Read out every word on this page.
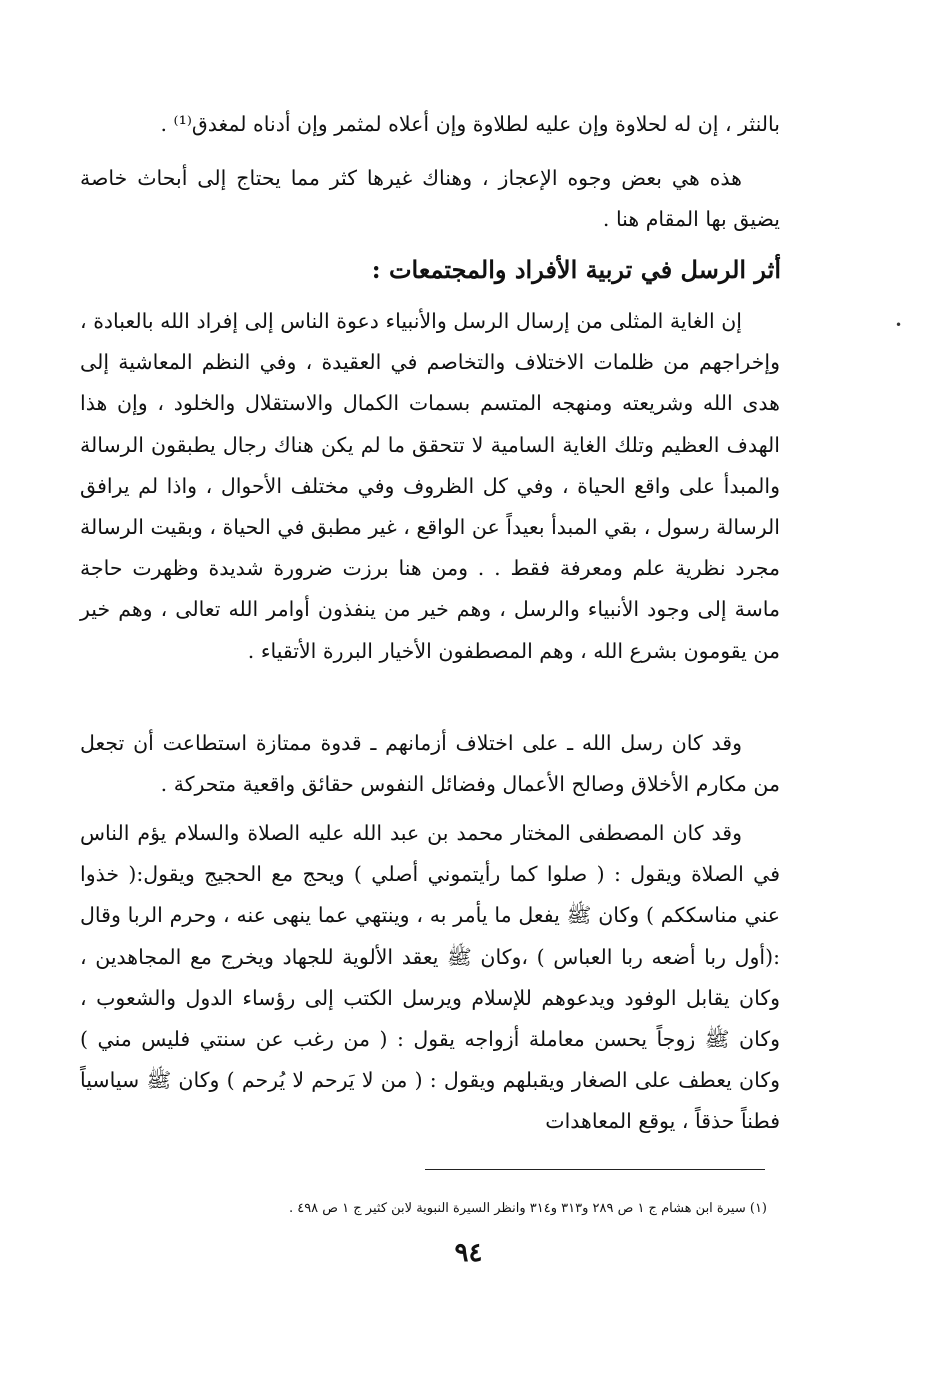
بالنثر ، إن له لحلاوة وإن عليه لطلاوة وإن أعلاه لمثمر وإن أدناه لمغدق⁽¹⁾ .

هذه هي بعض وجوه الإعجاز ، وهناك غيرها كثر مما يحتاج إلى أبحاث خاصة يضيق بها المقام هنا .

أثر الرسل في تربية الأفراد والمجتمعات :

إن الغاية المثلى من إرسال الرسل والأنبياء دعوة الناس إلى إفراد الله بالعبادة ، وإخراجهم من ظلمات الاختلاف والتخاصم في العقيدة ، وفي النظم المعاشية إلى هدى الله وشريعته ومنهجه المتسم بسمات الكمال والاستقلال والخلود ، وإن هذا الهدف العظيم وتلك الغاية السامية لا تتحقق ما لم يكن هناك رجال يطبقون الرسالة والمبدأ على واقع الحياة ، وفي كل الظروف وفي مختلف الأحوال ، واذا لم يرافق الرسالة رسول ، بقي المبدأ بعيداً عن الواقع ، غير مطبق في الحياة ، وبقيت الرسالة مجرد نظرية علم ومعرفة فقط . . ومن هنا برزت ضرورة شديدة وظهرت حاجة ماسة إلى وجود الأنبياء والرسل ، وهم خير من ينفذون أوامر الله تعالى ، وهم خير من يقومون بشرع الله ، وهم المصطفون الأخيار البررة الأتقياء .

وقد كان رسل الله ـ على اختلاف أزمانهم ـ قدوة ممتازة استطاعت أن تجعل من مكارم الأخلاق وصالح الأعمال وفضائل النفوس حقائق واقعية متحركة .

وقد كان المصطفى المختار محمد بن عبد الله عليه الصلاة والسلام يؤم الناس في الصلاة ويقول : ( صلوا كما رأيتموني أصلي ) ويحج مع الحجيج ويقول:( خذوا عني مناسككم ) وكان ﷺ يفعل ما يأمر به ، وينتهي عما ينهى عنه ، وحرم الربا وقال :(أول ربا أضعه ربا العباس ) ،وكان ﷺ يعقد الألوية للجهاد ويخرج مع المجاهدين ، وكان يقابل الوفود ويدعوهم للإسلام ويرسل الكتب إلى رؤساء الدول والشعوب ، وكان ﷺ زوجاً يحسن معاملة أزواجه يقول : ( من رغب عن سنتي فليس مني ) وكان يعطف على الصغار ويقبلهم ويقول : ( من لا يَرحم لا يُرحم ) وكان ﷺ سياسياً فطناً حذقاً ، يوقع المعاهدات

•
(١) سيرة ابن هشام ج ١ ص ٢٨٩ و٣١٣ و٣١٤ وانظر السيرة النبوية لابن كثير ج ١ ص ٤٩٨ .
٩٤
